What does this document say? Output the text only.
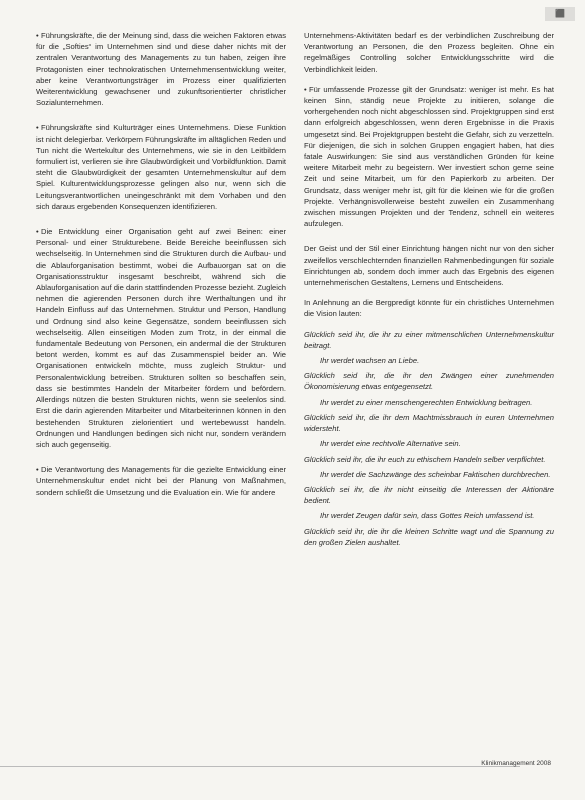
⬛

• Führungskräfte, die der Meinung sind, dass die weichen Faktoren etwas für die „Softies“ im Unternehmen sind und diese daher nichts mit der zentralen Verantwortung des Managements zu tun haben, zeigen ihre Protagonisten einer technokratischen Unternehmensentwicklung weiter, aber keine Verantwortungsträger im Prozess einer qualifizierten Weiterentwicklung gewachsener und zukunftsorientierter christlicher Sozialunternehmen.

• Führungskräfte sind Kulturträger eines Unternehmens. Diese Funktion ist nicht delegierbar. Verkörpern Führungskräfte im alltäglichen Reden und Tun nicht die Wertekultur des Unternehmens, wie sie in den Leitbildern formuliert ist, verlieren sie ihre Glaubwürdigkeit und Vorbildfunktion. Damit steht die Glaubwürdigkeit der gesamten Unternehmenskultur auf dem Spiel. Kulturentwicklungsprozesse gelingen also nur, wenn sich die Leitungsverantwortlichen uneingeschränkt mit dem Vorhaben und den sich daraus ergebenden Konsequenzen identifizieren.

• Die Entwicklung einer Organisation geht auf zwei Beinen: einer Personal- und einer Strukturebene. Beide Bereiche beeinflussen sich wechselseitig. In Unternehmen sind die Strukturen durch die Aufbau- und die Ablauforganisation bestimmt, wobei die Aufbauorgan sat on die Organisationsstruktur insgesamt beschreibt, während sich die Ablauforganisation auf die darin stattfindenden Prozesse bezieht. Zugleich nehmen die agierenden Personen durch ihre Werthaltungen und ihr Handeln Einfluss auf das Unternehmen. Struktur und Person, Handlung und Ordnung sind also keine Gegensätze, sondern beeinflussen sich wechselseitig. Allen einseitigen Moden zum Trotz, in der einmal die fundamentale Bedeutung von Personen, ein andermal die der Strukturen betont werden, kommt es auf das Zusammenspiel beider an. Wie Organisationen entwickeln möchte, muss zugleich Struktur- und Personalentwicklung betreiben. Strukturen sollten so beschaffen sein, dass sie bestimmtes Handeln der Mitarbeiter fördern und befördern. Allerdings nützen die besten Strukturen nichts, wenn sie seelenlos sind. Erst die darin agierenden Mitarbeiter und Mitarbeiterinnen können in den bestehenden Strukturen zielorientiert und wertebewusst handeln. Ordnungen und Handlungen bedingen sich nicht nur, sondern verändern sich auch gegenseitig.

• Die Verantwortung des Managements für die gezielte Entwicklung einer Unternehmenskultur endet nicht bei der Planung von Maßnahmen, sondern schließt die Umsetzung und die Evaluation ein. Wie für andere

Unternehmens-Aktivitäten bedarf es der verbindlichen Zuschreibung der Verantwortung an Personen, die den Prozess begleiten. Ohne ein regelmäßiges Controlling solcher Entwicklungsschritte wird die Verbindlichkeit leiden.

• Für umfassende Prozesse gilt der Grundsatz: weniger ist mehr. Es hat keinen Sinn, ständig neue Projekte zu initiieren, solange die vorhergehenden noch nicht abgeschlossen sind. Projektgruppen sind erst dann erfolgreich abgeschlossen, wenn deren Ergebnisse in die Praxis umgesetzt sind. Bei Projektgruppen besteht die Gefahr, sich zu verzetteln. Für diejenigen, die sich in solchen Gruppen engagiert haben, hat dies fatale Auswirkungen: Sie sind aus verständlichen Gründen für keine weitere Mitarbeit mehr zu begeistern. Wer investiert schon gerne seine Zeit und seine Mitarbeit, um für den Papierkorb zu arbeiten. Der Grundsatz, dass weniger mehr ist, gilt für die kleinen wie für die großen Projekte. Verhängnisvollerweise besteht zuweilen ein Zusammenhang zwischen missungen Projekten und der Tendenz, schnell ein weiteres aufzulegen.

Der Geist und der Stil einer Einrichtung hängen nicht nur von den sicher zweifellos verschlechternden finanziellen Rahmenbedingungen für soziale Einrichtungen ab, sondern doch immer auch das Ergebnis des eigenen unternehmerischen Gestaltens, Lernens und Entscheidens.

In Anlehnung an die Bergpredigt könnte für ein christliches Unternehmen die Vision lauten:

Glücklich seid ihr, die ihr zu einer mitmenschlichen Unternehmenskultur beitragt.

Ihr werdet wachsen an Liebe.

Glücklich seid ihr, die ihr den Zwängen einer zunehmenden Ökonomisierung etwas entgegensetzt.

Ihr werdet zu einer menschengerechten Entwicklung beitragen.

Glücklich seid ihr, die ihr dem Machtmissbrauch in euren Unternehmen widersteht.

Ihr werdet eine rechtvolle Alternative sein.

Glücklich seid ihr, die ihr euch zu ethischem Handeln selber verpflichtet.

Ihr werdet die Sachzwänge des scheinbar Faktischen durchbrechen.

Glücklich sei ihr, die ihr nicht einseitig die Interessen der Aktionäre bedient.

Ihr werdet Zeugen dafür sein, dass Gottes Reich umfassend ist.

Glücklich seid ihr, die ihr die kleinen Schritte wagt und die Spannung zu den großen Zielen aushaltet.

Klinikmanagement 2008
